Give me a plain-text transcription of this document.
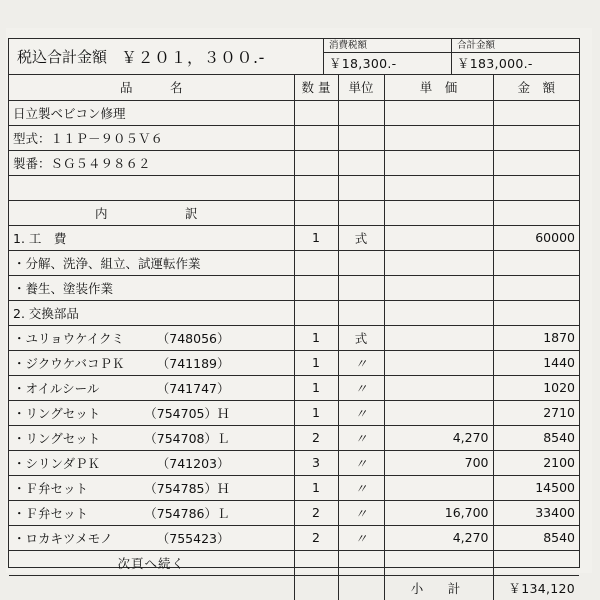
税込合計金額 ￥２０１，３００.-
消費税額
￥18,300.-
合計金額
￥183,000.-
品　　　名	数 量	単位	単　価	金　額
日立製ベビコン修理				
型式：１１Ｐ－９０５Ｖ６				
製番：ＳＧ５４９８６２				

内　　　訳				
1. 工　費	1	式		60000
・分解、洗浄、組立、試運転作業				
・養生、塗装作業				
2. 交換部品				

・ユリョウケイクミ （748056）	1	式		1870

・ジクウケバコＰＫ （741189）	1	〃		1440

・オイルシール （741747）	1	〃		1020

・リングセット （754705）Ｈ	1	〃		2710

・リングセット （754708）Ｌ	2	〃	4,270	8540

・シリンダＰＫ （741203）	3	〃	700	2100

・Ｆ弁セット （754785）Ｈ	1	〃		14500

・Ｆ弁セット （754786）Ｌ	2	〃	16,700	33400

・ロカキツメモノ （755423）	2	〃	4,270	8540
次頁へ続く				
			小　計	￥134,120
